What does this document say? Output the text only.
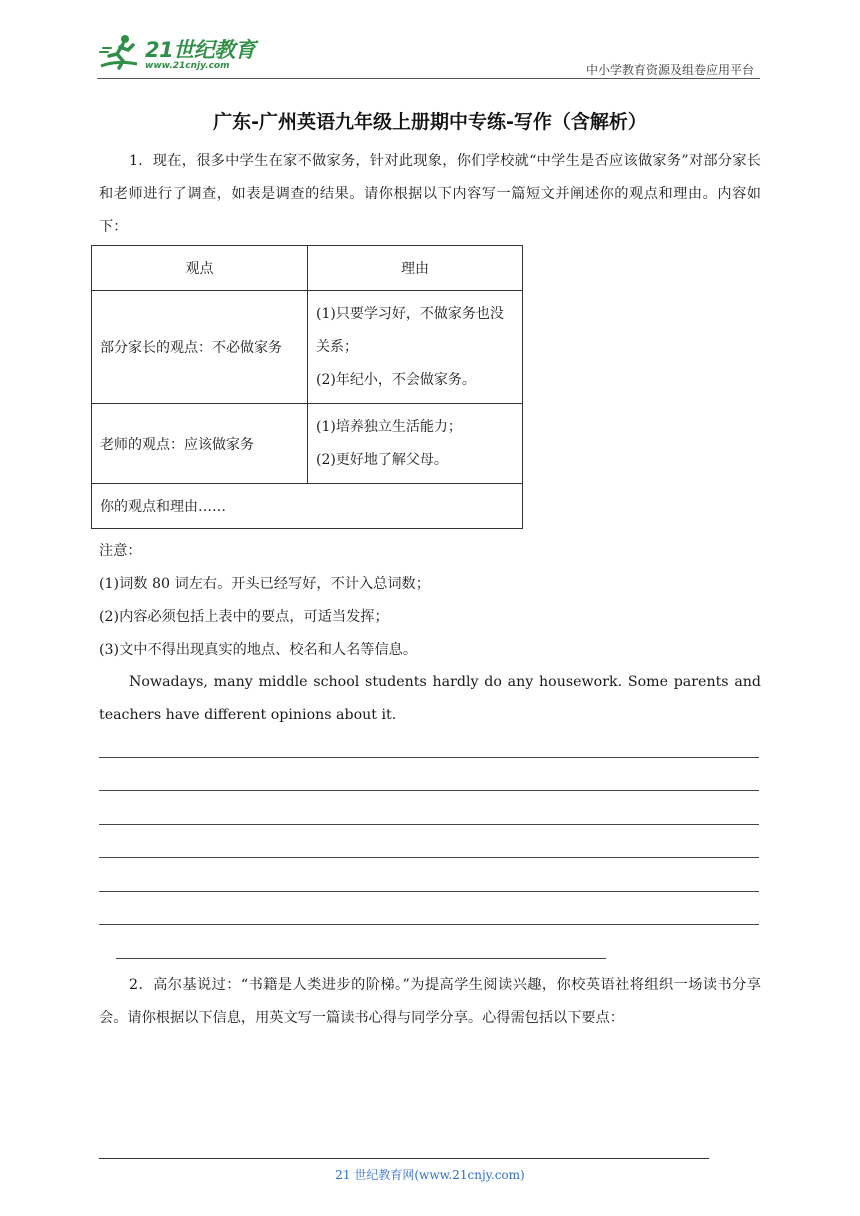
21世纪教育
www.21cnjy.com	中小学教育资源及组卷应用平台
广东-广州英语九年级上册期中专练-写作（含解析）
1．现在，很多中学生在家不做家务，针对此现象，你们学校就“中学生是否应该做家务”对部分家长和老师进行了调查，如表是调查的结果。请你根据以下内容写一篇短文并阐述你的观点和理由。内容如下：
观点	理由
部分家长的观点：不必做家务	(1)只要学习好，不做家务也没关系；
(2)年纪小，不会做家务。

老师的观点：应该做家务	(1)培养独立生活能力；
(2)更好地了解父母。

你的观点和理由……	
注意：
(1)词数 80 词左右。开头已经写好，不计入总词数；
(2)内容必须包括上表中的要点，可适当发挥；
(3)文中不得出现真实的地点、校名和人名等信息。
Nowadays, many middle school students hardly do any housework. Some parents and teachers have different opinions about it.
2．高尔基说过：“书籍是人类进步的阶梯。”为提高学生阅读兴趣，你校英语社将组织一场读书分享会。请你根据以下信息，用英文写一篇读书心得与同学分享。心得需包括以下要点：
21 世纪教育网(www.21cnjy.com)
